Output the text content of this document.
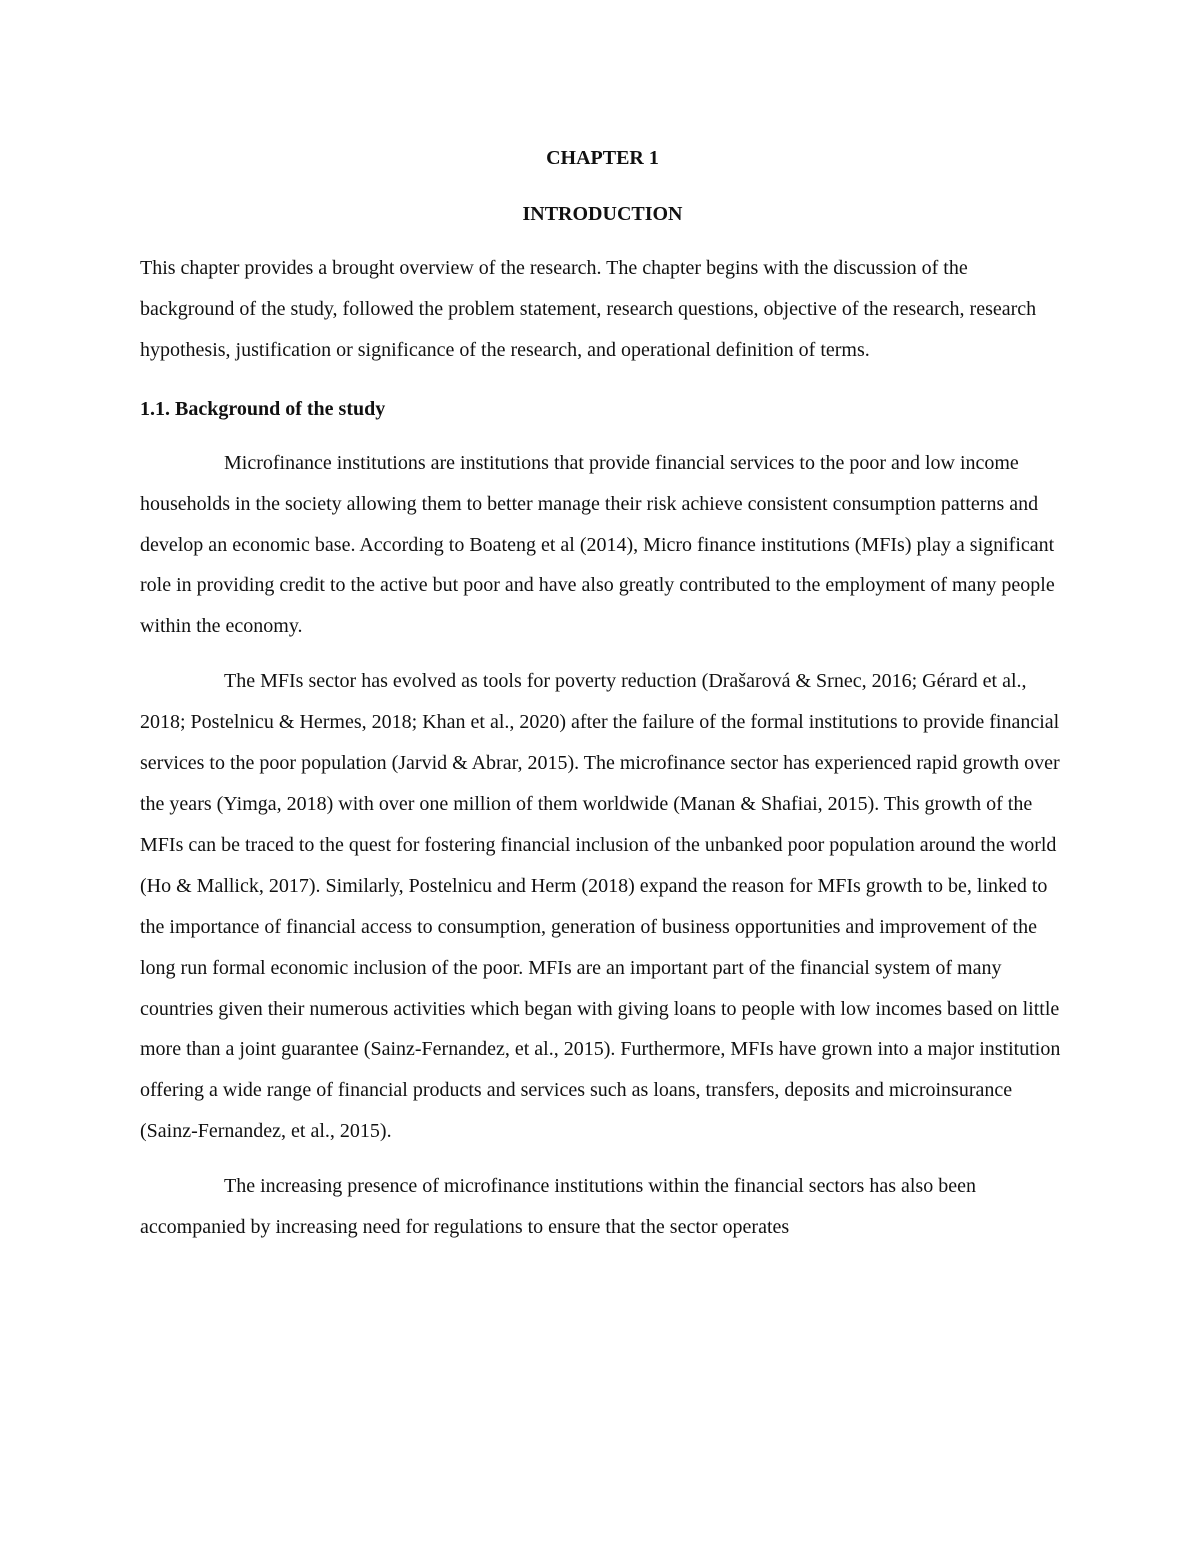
CHAPTER 1
INTRODUCTION

This chapter provides a brought overview of the research. The chapter begins with the discussion of the background of the study, followed the problem statement, research questions, objective of the research, research hypothesis, justification or significance of the research, and operational definition of terms.

1.1. Background of the study

Microfinance institutions are institutions that provide financial services to the poor and low income households in the society allowing them to better manage their risk achieve consistent consumption patterns and develop an economic base. According to Boateng et al (2014), Micro finance institutions (MFIs) play a significant role in providing credit to the active but poor and have also greatly contributed to the employment of many people within the economy.

The MFIs sector has evolved as tools for poverty reduction (Drašarová & Srnec, 2016; Gérard et al., 2018; Postelnicu & Hermes, 2018; Khan et al., 2020) after the failure of the formal institutions to provide financial services to the poor population (Jarvid & Abrar, 2015). The microfinance sector has experienced rapid growth over the years (Yimga, 2018) with over one million of them worldwide (Manan & Shafiai, 2015). This growth of the MFIs can be traced to the quest for fostering financial inclusion of the unbanked poor population around the world (Ho & Mallick, 2017). Similarly, Postelnicu and Herm (2018) expand the reason for MFIs growth to be, linked to the importance of financial access to consumption, generation of business opportunities and improvement of the long run formal economic inclusion of the poor. MFIs are an important part of the financial system of many countries given their numerous activities which began with giving loans to people with low incomes based on little more than a joint guarantee (Sainz-Fernandez, et al., 2015). Furthermore, MFIs have grown into a major institution offering a wide range of financial products and services such as loans, transfers, deposits and microinsurance (Sainz-Fernandez, et al., 2015).

The increasing presence of microfinance institutions within the financial sectors has also been accompanied by increasing need for regulations to ensure that the sector operates
